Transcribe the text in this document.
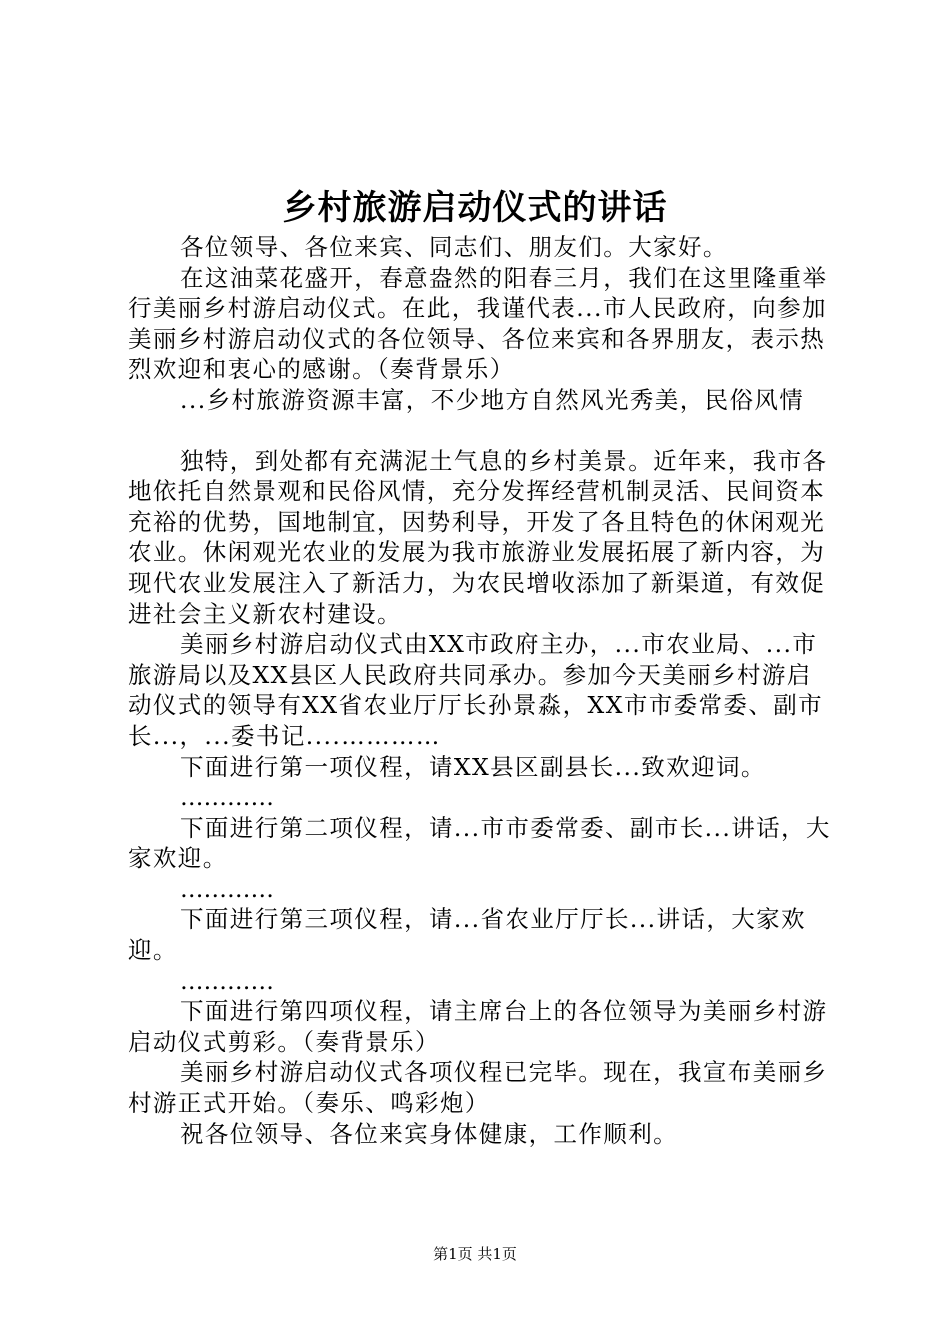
乡村旅游启动仪式的讲话

各位领导、各位来宾、同志们、朋友们。大家好。

在这油菜花盛开，春意盎然的阳春三月，我们在这里隆重举行美丽乡村游启动仪式。在此，我谨代表...市人民政府，向参加美丽乡村游启动仪式的各位领导、各位来宾和各界朋友，表示热烈欢迎和衷心的感谢。（奏背景乐）

...乡村旅游资源丰富，不少地方自然风光秀美，民俗风情

独特，到处都有充满泥土气息的乡村美景。近年来，我市各地依托自然景观和民俗风情，充分发挥经营机制灵活、民间资本充裕的优势，国地制宜，因势利导，开发了各且特色的休闲观光农业。休闲观光农业的发展为我市旅游业发展拓展了新内容，为现代农业发展注入了新活力，为农民增收添加了新渠道，有效促进社会主义新农村建设。

美丽乡村游启动仪式由XX市政府主办，...市农业局、...市旅游局以及XX县区人民政府共同承办。参加今天美丽乡村游启动仪式的领导有XX省农业厅厅长孙景淼，XX市市委常委、副市长...，...委书记....…………

下面进行第一项仪程，请XX县区副县长...致欢迎词。

…………

下面进行第二项仪程，请...市市委常委、副市长...讲话，大家欢迎。

…………

下面进行第三项仪程，请...省农业厅厅长...讲话，大家欢迎。

…………

下面进行第四项仪程，请主席台上的各位领导为美丽乡村游启动仪式剪彩。（奏背景乐）

美丽乡村游启动仪式各项仪程已完毕。现在，我宣布美丽乡村游正式开始。（奏乐、鸣彩炮）

祝各位领导、各位来宾身体健康，工作顺利。

第1页 共1页
